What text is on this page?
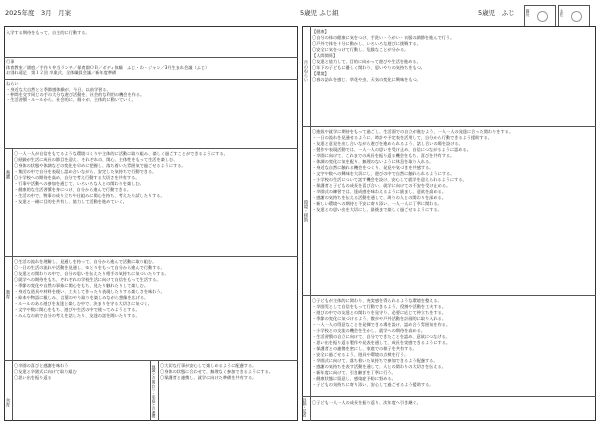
2025年度　3月　月案	5歳児 ふじ組	5歳児　ふじ	園長	主任
入学する期待をもって、自主的に行動する。
行事
体育教室／園庭／手作り弁当ランチ／保育園ＯＢ／ボディ体験　ふじ・わ・ジャン／3月生まれ会議（ふじ）
お別れ遠足　第１２回 卒業式、全体職員会議／新年度準備
ねらい
・身近な大自然とと季節感体験が、今日、以前学習る。
・仲間を交す同じの手の大分な遊び活動を、社会的な利用の機会を作る。
・生活習慣・ルールから、社会的に、個々が、主体的に動いていく。
養護
〇一人一人が自信をもてるような環境づくりや主体的に活動に取り組み、楽しく過ごすことができるようにする。
〇経験が生活に成長の節目を迎え、それぞれの、関心、主体性をもって生活を楽しむ。
〇身体の状態や体調などの変化を早めに把握し、落ち着いた雰囲気で過ごせるようにする。
・集団の中で自分を表現し認め合いながら、安定した気持ちで行動できる。
〇小学校への期待を高め、自分で考え行動する大切さを共有する。
・行事や活動への参加を通じて、いろいろな人との関わりを楽しむ。
・健康的な生活習慣を身につけ、自分から進んで行動できる。
・生活の中で、物事の成り立ちや仕組みに関心を持ち、考えたり試したりする。
・友達と一緒に目的を共有し、協力して活動を進めていく。
教育
〇生活の流れを理解し、見通しを持って、自分から進んで活動に取り組む。
〇一日の生活の流れや活動を見通し、ゆとりをもって自分から進んで行動する。
〇友達との関わりの中で、自分の思いを伝えたり相手の気持ちに気づいたりする。
〇就学への期待をもち、ぞれぞれの学校生活に向けて自信をもって生活する。
・季節の変化や自然の事象に関心をもち、見たり触れたりして楽しむ。
・身近な道具や材料を使い、工夫して作ったり表現したりする楽しさを味わう。
・絵本や物語に親しみ、言葉のやり取りを楽しみながら想像を広げる。
・ルールのある遊びを友達と楽しむ中で、決まりを守る大切さに気づく。
・文字や数に関心をもち、遊びや生活の中で使ってみようとする。
・みんなの前で自分の考えを話したり、友達の話を聞いたりする。
食育
〇卒園の喜びと感謝を味わう
〇友達と卒園式に向けて取り組む
〇思い出を振り返る	地域との関わり・家庭との連携 〇大切な行事が安心して楽しめるように配慮する。
〇身体の状態に合わせて、無理なく参加できるようにする。
〇保護者と連携し、就学に向けた準備を共有する。
月のねらい
【健康】
〇自分の体の健康に気をつけ、手洗い・うがい・衣服の調節を進んで行う。
〇戸外で体を十分に動かし、いろいろな遊びに挑戦する。
〇安全に気をつけて行動し、危険なことが分かる。
【人間関係】
〇友達と協力して、目的に向かって遊びや生活を進める。
〇年下の子どもに優しく関わり、思いやりの気持ちをもつ。
【環境】
〇春の訪れを感じ、草花や虫、天気の変化に興味をもつ。
環境・援助
〇進級や就学に期待をもって過ごし、生活面での自立が進むよう、一人一人の発達に合った関わりをする。
・一日の流れを見通せるように、時計や予定表を活用して、自分から行動できるよう援助する。
・友達と意見を出し合いながら遊びを進められるよう、話し合いの場を設ける。
・製作や表現活動では、一人一人の思いを受け止め、自信につながるように認める。
・卒園に向けて、これまでの成長を振り返る機会をもち、喜びを共有する。
・体調の変化に気を配り、無理のないように休息を取り入れる。
・身近な自然に触れる機会をつくり、発見や気づきを共感する。
・文字や数への興味を大切にし、遊びの中で自然に触れられるようにする。
・小学校の生活について話す機会を設け、安心して就学を迎えられるようにする。
・保護者と子どもの成長を喜び合い、就学に向けての不安を受け止める。
・卒園式の練習では、達成感を味わえるように励まし、意欲を高める。
・感謝の気持ちを伝える活動を通して、周りの人との関わりを深める。
・新しい環境への期待と不安に寄り添い、一人一人に丁寧に関わる。
・友達との思い出を大切にし、最後まで楽しく過ごせるようにする。
〇子どもが主体的に関わり、充実感を得られるような環境を整える。
・卒園児として自信をもって行動できるよう、役割や活動を工夫する。
・遊びの中での友達との関わりを見守り、必要に応じて仲立ちをする。
・季節の変化に気づけるよう、散歩や戸外活動を計画的に取り入れる。
・一人一人の得意なことを発揮できる場を設け、認め合う雰囲気を作る。
・小学校との交流の機会を生かし、就学への期待を高める。
・生活習慣の自立に向けて、自分でできたことを認め、意欲につなげる。
・思い出を振り返る製作や発表を通して、成長を実感できるようにする。
・保護者との連携を密にし、家庭での様子を共有する。
・安全に過ごせるよう、遊具や環境の点検を行う。
・卒園式に向けて、落ち着いた気持ちで参加できるよう配慮する。
・感謝の気持ちを表す活動を通して、人との関わりの大切さを伝える。
・新年度に向けて、引き継ぎを丁寧に行う。
・健康状態に留意し、感染症予防に努める。
・子どもの気持ちに寄り添い、安心して過ごせるよう援助する。
評価・反省 〇子ども一人一人の成長を振り返り、次年度へ引き継ぐ。
